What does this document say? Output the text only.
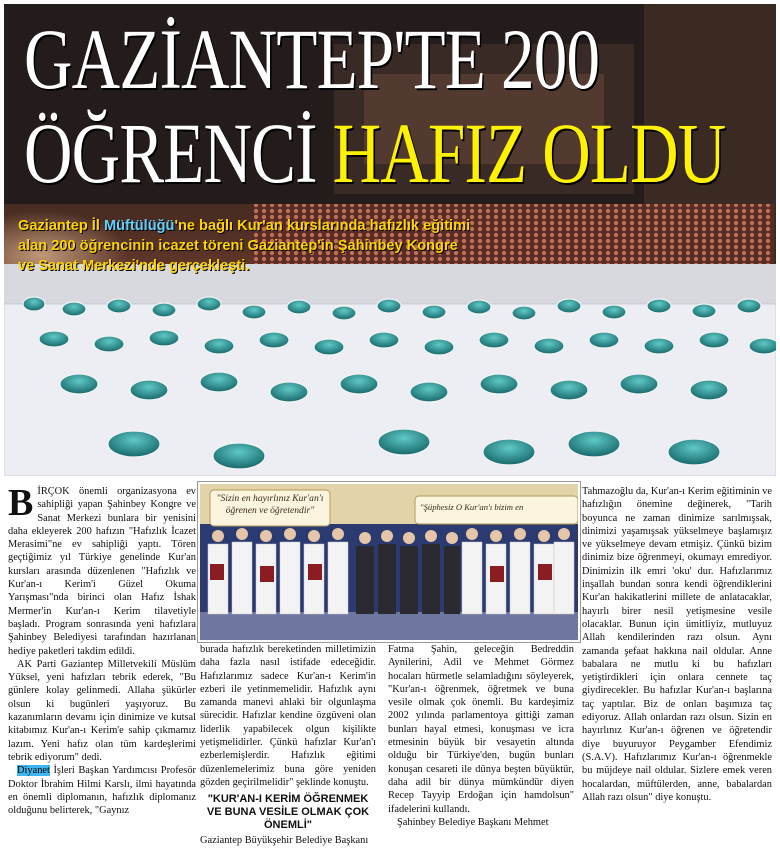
GAZİANTEP'TE 200
ÖĞRENCİ HAFIZ OLDU
Gaziantep İl Müftülüğü'ne bağlı Kur'an kurslarında hafızlık eğitimi alan 200 öğrencinin icazet töreni Gaziantep'in Şahinbey Kongre ve Sanat Merkezi'nde gerçekleşti.
"Sizin en hayırlınız Kur'an'ı öğrenen ve öğretendir"	"Şüphesiz O Kur'an'ı bizim en

BİRÇOK önemli organizasyona ev sahipliği yapan Şahinbey Kongre ve Sanat Merkezi bunlara bir yenisini daha ekleyerek 200 hafızın "Hafızlık İcazet Merasimi"ne ev sahipliği yaptı. Tören geçtiğimiz yıl Türkiye genelinde Kur'an kursları arasında düzenlenen "Hafızlık ve Kur'an-ı Kerim'i Güzel Okuma Yarışması"nda birinci olan Hafız İshak Mermer'in Kur'an-ı Kerim tilavetiyle başladı. Program sonrasında yeni hafızlara Şahinbey Belediyesi tarafından hazırlanan hediye paketleri takdim edildi.

AK Parti Gaziantep Milletvekili Müslüm Yüksel, yeni hafızları tebrik ederek, "Bu günlere kolay gelinmedi. Allaha şükürler olsun ki bugünleri yaşıyoruz. Bu kazanımların devamı için dinimize ve kutsal kitabımız Kur'an-ı Kerim'e sahip çıkmamız lazım. Yeni hafız olan tüm kardeşlerimi tebrik ediyorum" dedi.

Diyanet İşleri Başkan Yardımcısı Profesör Doktor İbrahim Hilmi Karslı, ilmi hayatında en önemli diplomanın, hafızlık diplomanız olduğunu belirterek, "Gaynız

burada hafızlık bereketinden milletimizin daha fazla nasıl istifade edeceğidir. Hafızlarımız sadece Kur'an-ı Kerim'in ezberi ile yetinmemelidir. Hafızlık aynı zamanda manevi ahlaki bir olgunlaşma sürecidir. Hafızlar kendine özgüveni olan liderlik yapabilecek olgun kişilikte yetişmelidirler. Çünkü hafızlar Kur'an'ı ezberlemişlerdir. Hafızlık eğitimi düzenlemelerimiz buna göre yeniden gözden geçirilmelidir" şeklinde konuştu.

"KUR'AN-I KERİM ÖĞRENMEK VE BUNA VESİLE OLMAK ÇOK ÖNEMLİ"

Gaziantep Büyükşehir Belediye Başkanı

Fatma Şahin, geleceğin Bedreddin Aynilerini, Adil ve Mehmet Görmez hocaları hürmetle selamladığını söyleyerek, "Kur'an-ı öğrenmek, öğretmek ve buna vesile olmak çok önemli. Bu kardeşimiz 2002 yılında parlamentoya gittiği zaman bunları hayal etmesi, konuşması ve icra etmesinin büyük bir vesayetin altında olduğu bir Türkiye'den, bugün bunları konuşan cesareti ile dünya beşten büyüktür, daha adil bir dünya mümkündür diyen Recep Tayyip Erdoğan için hamdolsun" ifadelerini kullandı.

Şahinbey Belediye Başkanı Mehmet

Tahmazoğlu da, Kur'an-ı Kerim eğitiminin ve hafızlığın önemine değinerek, "Tarih boyunca ne zaman dinimize sarılmışsak, dinimizi yaşamışsak yükselmeye başlamışız ve yükselmeye devam etmişiz. Çünkü bizim dinimiz bize öğrenmeyi, okumayı emrediyor. Dinimizin ilk emri 'oku' dur. Hafızlarımız inşallah bundan sonra kendi öğrendiklerini Kur'an hakikatlerini millete de anlatacaklar, hayırlı birer nesil yetişmesine vesile olacaklar. Bunun için ümitliyiz, mutluyuz Allah kendilerinden razı olsun. Aynı zamanda şefaat hakkına nail oldular. Anne babalara ne mutlu ki bu hafızları yetiştirdikleri için onlara cennete taç giydirecekler. Bu hafızlar Kur'an-ı başlarına taç yaptılar. Biz de onları başımıza taç ediyoruz. Allah onlardan razı olsun. Sizin en hayırlınız Kur'an-ı öğrenen ve öğretendir diye buyuruyor Peygamber Efendimiz (S.A.V). Hafızlarımız Kur'an-ı öğrenmekle bu müjdeye nail oldular. Sizlere emek veren hocalardan, müftülerden, anne, babalardan Allah razı olsun" diye konuştu.
